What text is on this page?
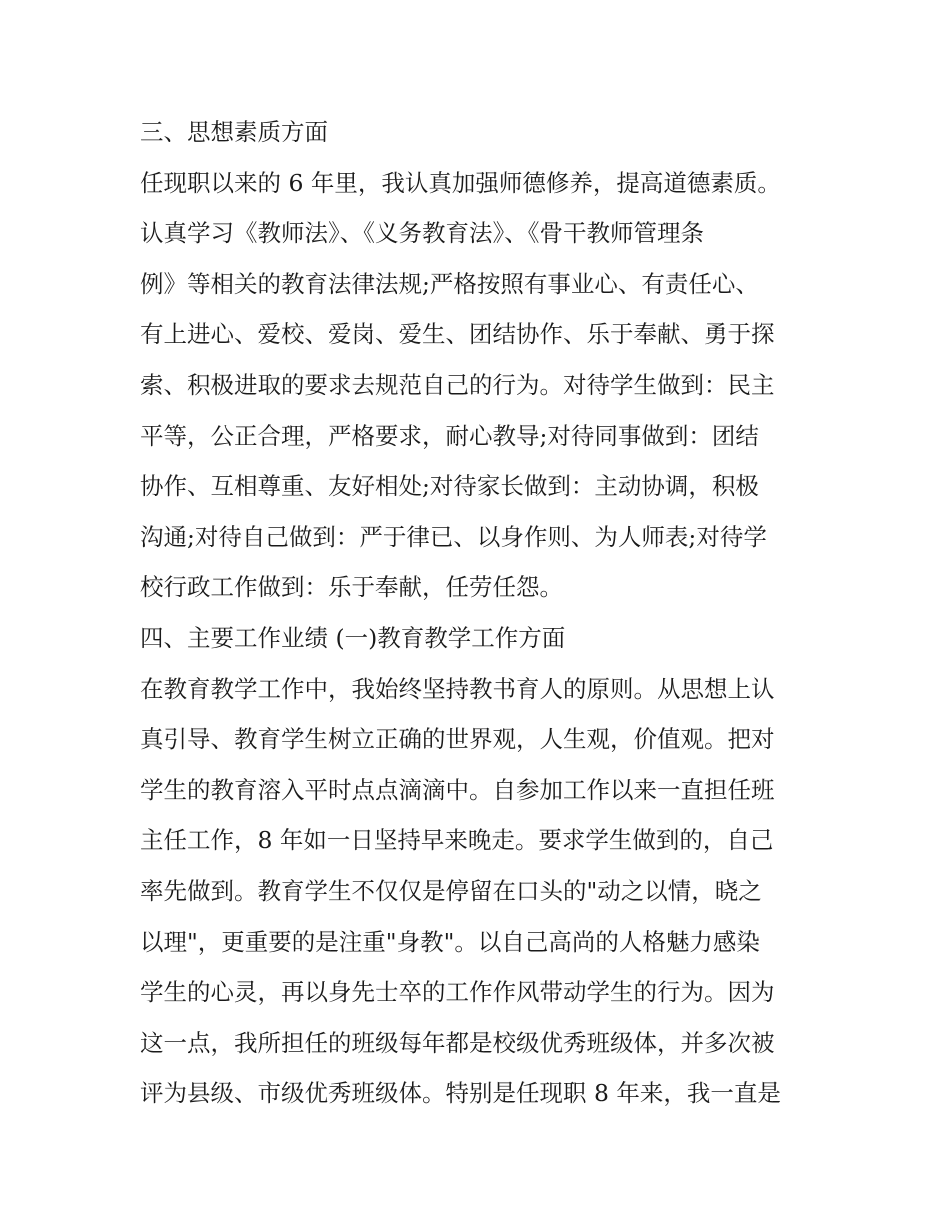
三、思想素质方面
任现职以来的 6 年里，我认真加强师德修养，提高道德素质。
认真学习《教师法》、《义务教育法》、《骨干教师管理条
例》等相关的教育法律法规;严格按照有事业心、有责任心、
有上进心、爱校、爱岗、爱生、团结协作、乐于奉献、勇于探
索、积极进取的要求去规范自己的行为。对待学生做到：民主
平等，公正合理，严格要求，耐心教导;对待同事做到：团结
协作、互相尊重、友好相处;对待家长做到：主动协调，积极
沟通;对待自己做到：严于律已、以身作则、为人师表;对待学
校行政工作做到：乐于奉献，任劳任怨。
四、主要工作业绩 (一)教育教学工作方面
在教育教学工作中，我始终坚持教书育人的原则。从思想上认
真引导、教育学生树立正确的世界观，人生观，价值观。把对
学生的教育溶入平时点点滴滴中。自参加工作以来一直担任班
主任工作，8 年如一日坚持早来晚走。要求学生做到的，自己
率先做到。教育学生不仅仅是停留在口头的"动之以情，晓之
以理"，更重要的是注重"身教"。以自己高尚的人格魅力感染
学生的心灵，再以身先士卒的工作作风带动学生的行为。因为
这一点，我所担任的班级每年都是校级优秀班级体，并多次被
评为县级、市级优秀班级体。特别是任现职 8 年来，我一直是
